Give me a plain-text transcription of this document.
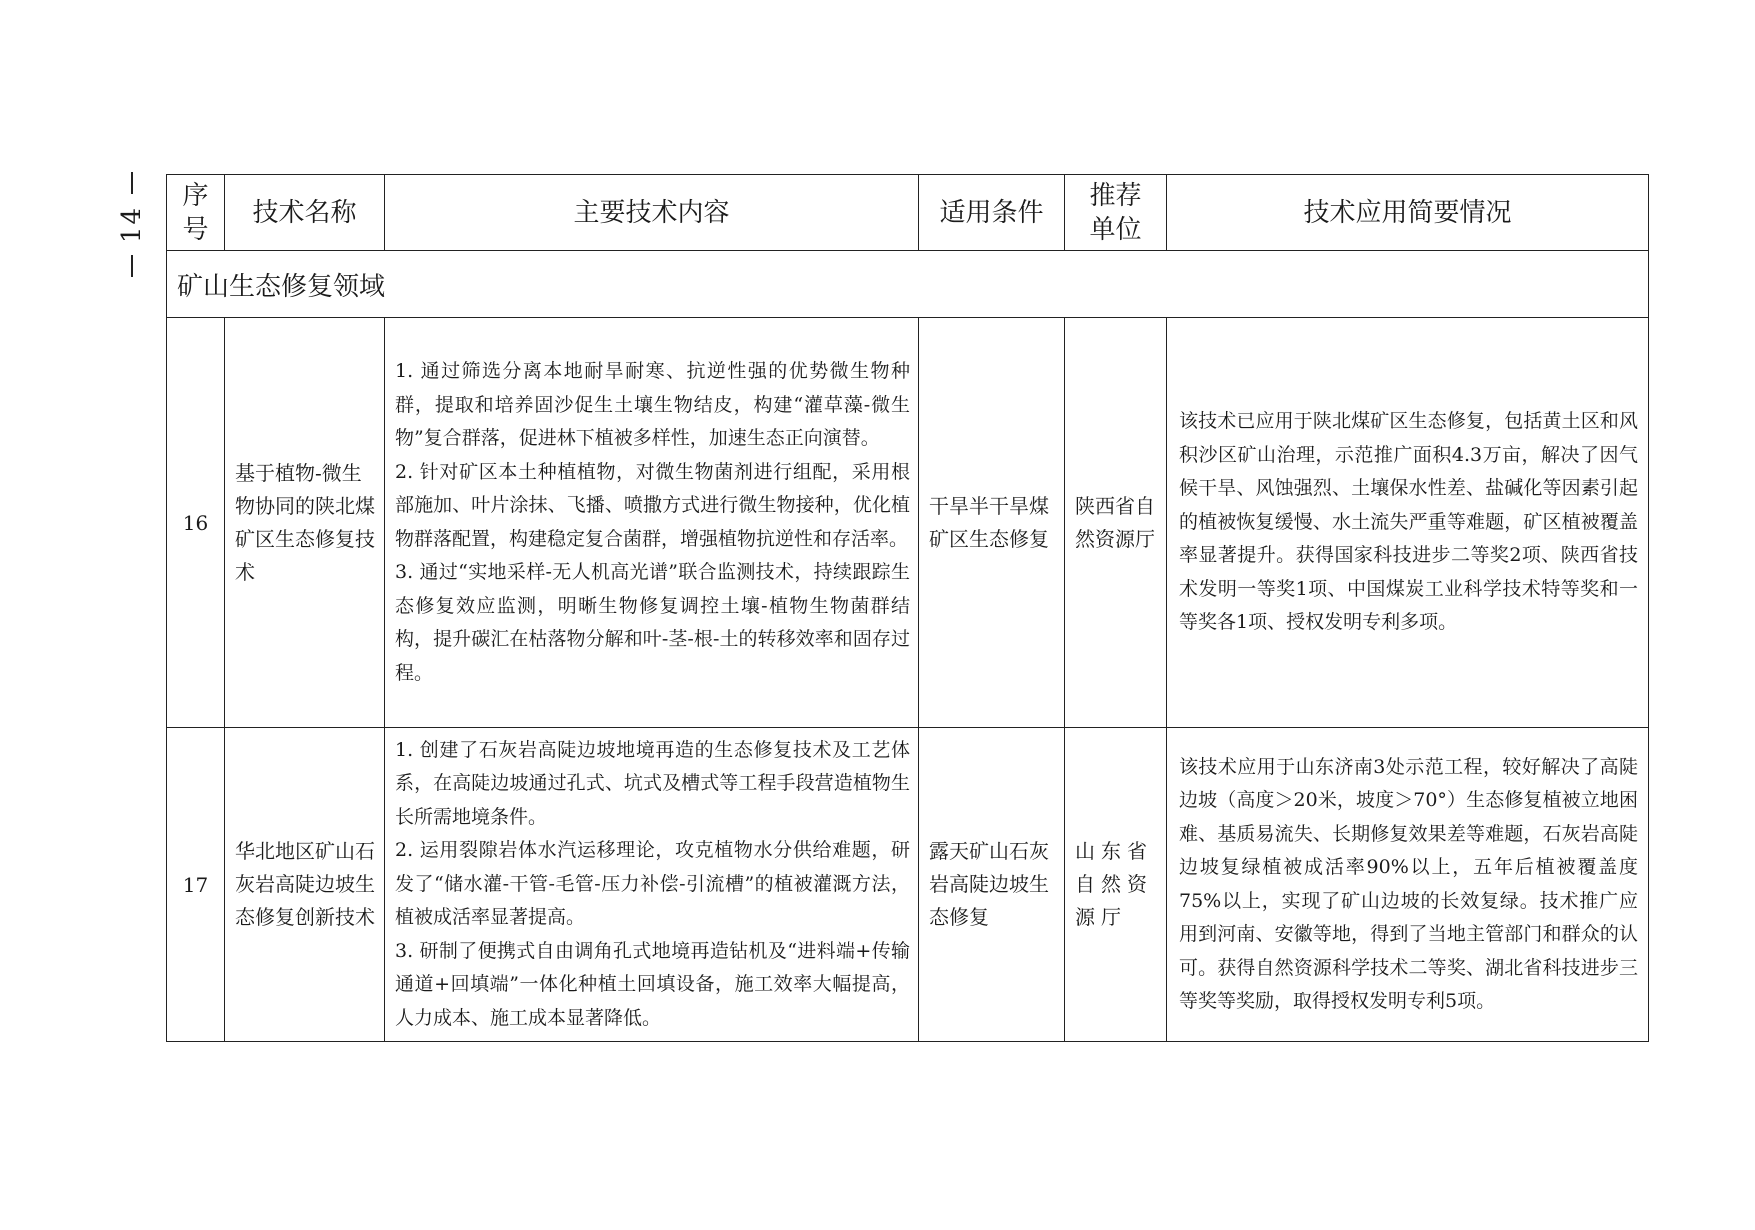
14
序号	技术名称	主要技术内容	适用条件	推荐单位	技术应用简要情况
矿山生态修复领域					
16	基于植物-微生物协同的陕北煤矿区生态修复技术	1. 通过筛选分离本地耐旱耐寒、抗逆性强的优势微生物种群，提取和培养固沙促生土壤生物结皮，构建“灌草藻-微生物”复合群落，促进林下植被多样性，加速生态正向演替。
2. 针对矿区本土种植植物，对微生物菌剂进行组配，采用根部施加、叶片涂抹、飞播、喷撒方式进行微生物接种，优化植物群落配置，构建稳定复合菌群，增强植物抗逆性和存活率。
3. 通过“实地采样-无人机高光谱”联合监测技术，持续跟踪生态修复效应监测，明晰生物修复调控土壤-植物生物菌群结构，提升碳汇在枯落物分解和叶-茎-根-土的转移效率和固存过程。	干旱半干旱煤矿区生态修复	陕西省自然资源厅	该技术已应用于陕北煤矿区生态修复，包括黄土区和风积沙区矿山治理，示范推广面积4.3万亩，解决了因气候干旱、风蚀强烈、土壤保水性差、盐碱化等因素引起的植被恢复缓慢、水土流失严重等难题，矿区植被覆盖率显著提升。获得国家科技进步二等奖2项、陕西省技术发明一等奖1项、中国煤炭工业科学技术特等奖和一等奖各1项、授权发明专利多项。
17	华北地区矿山石灰岩高陡边坡生态修复创新技术	1. 创建了石灰岩高陡边坡地境再造的生态修复技术及工艺体系，在高陡边坡通过孔式、坑式及槽式等工程手段营造植物生长所需地境条件。
2. 运用裂隙岩体水汽运移理论，攻克植物水分供给难题，研发了“储水灌-干管-毛管-压力补偿-引流槽”的植被灌溉方法，植被成活率显著提高。
3. 研制了便携式自由调角孔式地境再造钻机及“进料端+传输通道+回填端”一体化种植土回填设备，施工效率大幅提高，人力成本、施工成本显著降低。	露天矿山石灰岩高陡边坡生态修复	山东省自然资源厅	该技术应用于山东济南3处示范工程，较好解决了高陡边坡（高度＞20米，坡度＞70°）生态修复植被立地困难、基质易流失、长期修复效果差等难题，石灰岩高陡边坡复绿植被成活率90%以上，五年后植被覆盖度75%以上，实现了矿山边坡的长效复绿。技术推广应用到河南、安徽等地，得到了当地主管部门和群众的认可。获得自然资源科学技术二等奖、湖北省科技进步三等奖等奖励，取得授权发明专利5项。
